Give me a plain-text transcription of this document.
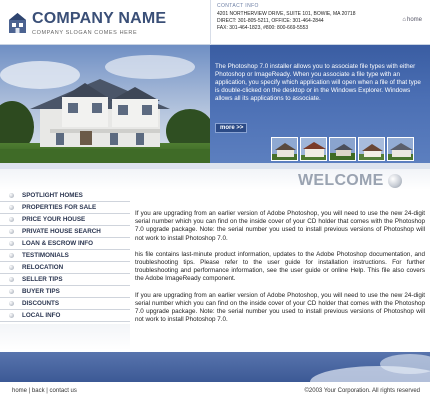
COMPANY NAME
COMPANY SLOGAN COMES HERE
CONTACT INFO
4201 NORTHERVIEW DRIVE, SUITE 101, BOWIE, MA 20718
DIRECT: 301-805-5211, OFFICE: 301-464-2844
FAX: 301-464-1823, #800: 800-669-5553
⌂home
The Photoshop 7.0 installer allows you to associate file types with either Photoshop or ImageReady. When you associate a file type with an application, you specify which application will open when a file of that type is double-clicked on the desktop or in the Windows Explorer. Windows allows all its applications to associate.
more >>
WELCOME
SPOTLIGHT HOMES
PROPERTIES FOR SALE
PRICE YOUR HOUSE
PRIVATE HOUSE SEARCH
LOAN & ESCROW INFO
TESTIMONIALS
RELOCATION
SELLER TIPS
BUYER TIPS
DISCOUNTS
LOCAL INFO

If you are upgrading from an earlier version of Adobe Photoshop, you will need to use the new 24-digit serial number which you can find on the inside cover of your CD holder that comes with the Photoshop 7.0 upgrade package. Note: the serial number you used to install previous versions of Photoshop will not work to install Photoshop 7.0.

his file contains last-minute product information, updates to the Adobe Photoshop documentation, and troubleshooting tips. Please refer to the user guide for installation instructions. For further troubleshooting and performance information, see the user guide or online Help. This file also covers the Adobe ImageReady component.

If you are upgrading from an earlier version of Adobe Photoshop, you will need to use the new 24-digit serial number which you can find on the inside cover of your CD holder that comes with the Photoshop 7.0 upgrade package. Note: the serial number you used to install previous versions of Photoshop will not work to install Photoshop 7.0.

home | back | contact us	©2003 Your Corporation. All rights reserved
